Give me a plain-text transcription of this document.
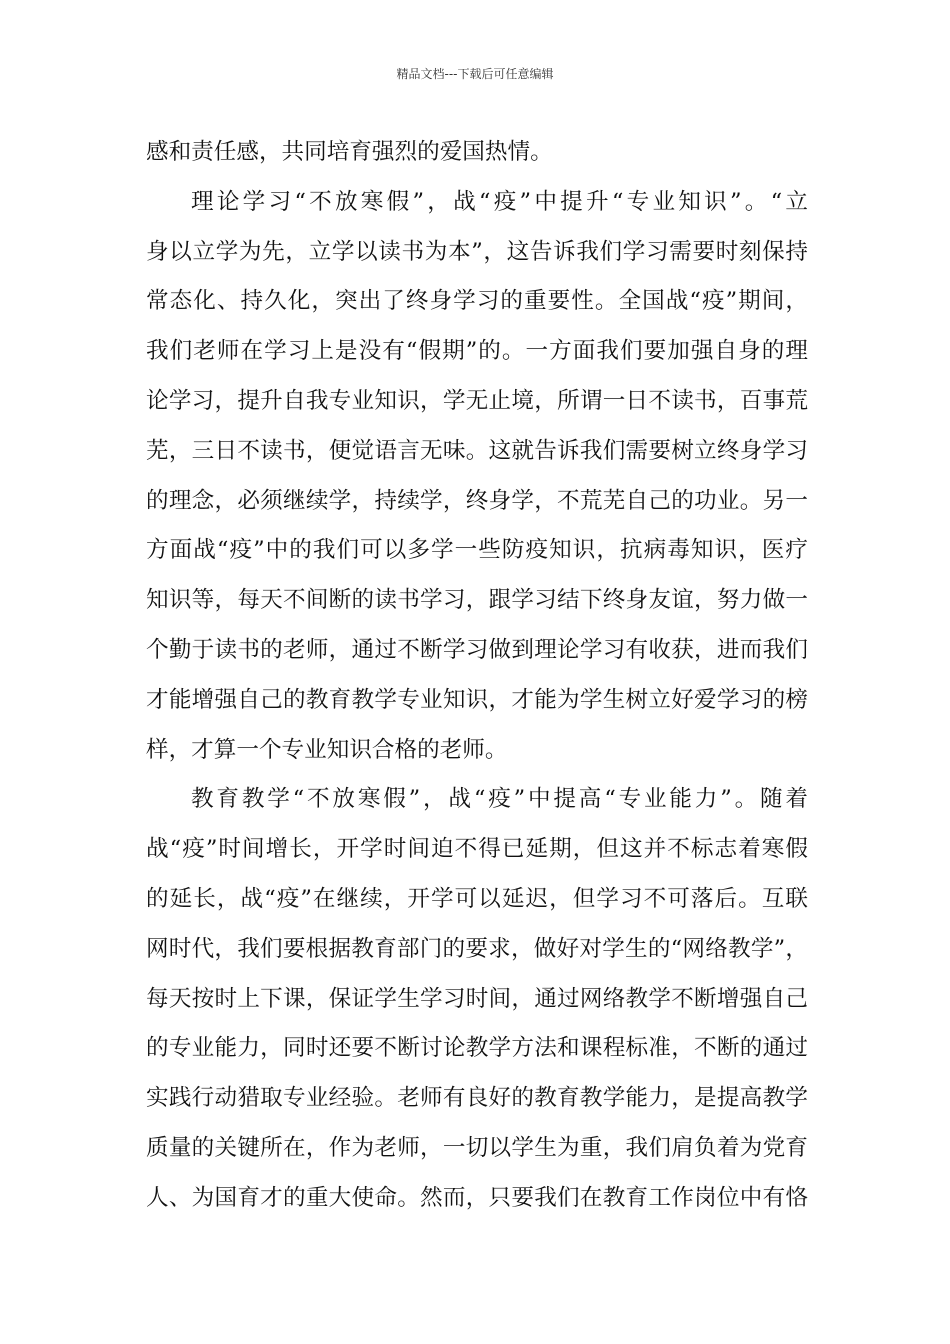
精品文档---下载后可任意编辑
感和责任感，共同培育强烈的爱国热情。
理论学习“不放寒假”，战“疫”中提升“专业知识”。“立
身以立学为先，立学以读书为本”，这告诉我们学习需要时刻保持
常态化、持久化，突出了终身学习的重要性。全国战“疫”期间，
我们老师在学习上是没有“假期”的。一方面我们要加强自身的理
论学习，提升自我专业知识，学无止境，所谓一日不读书，百事荒
芜，三日不读书，便觉语言无味。这就告诉我们需要树立终身学习
的理念，必须继续学，持续学，终身学，不荒芜自己的功业。另一
方面战“疫”中的我们可以多学一些防疫知识，抗病毒知识，医疗
知识等，每天不间断的读书学习，跟学习结下终身友谊，努力做一
个勤于读书的老师，通过不断学习做到理论学习有收获，进而我们
才能增强自己的教育教学专业知识，才能为学生树立好爱学习的榜
样，才算一个专业知识合格的老师。
教育教学“不放寒假”，战“疫”中提高“专业能力”。随着
战“疫”时间增长，开学时间迫不得已延期，但这并不标志着寒假
的延长，战“疫”在继续，开学可以延迟，但学习不可落后。互联
网时代，我们要根据教育部门的要求，做好对学生的“网络教学”，
每天按时上下课，保证学生学习时间，通过网络教学不断增强自己
的专业能力，同时还要不断讨论教学方法和课程标准，不断的通过
实践行动猎取专业经验。老师有良好的教育教学能力，是提高教学
质量的关键所在，作为老师，一切以学生为重，我们肩负着为党育
人、为国育才的重大使命。然而，只要我们在教育工作岗位中有恪
